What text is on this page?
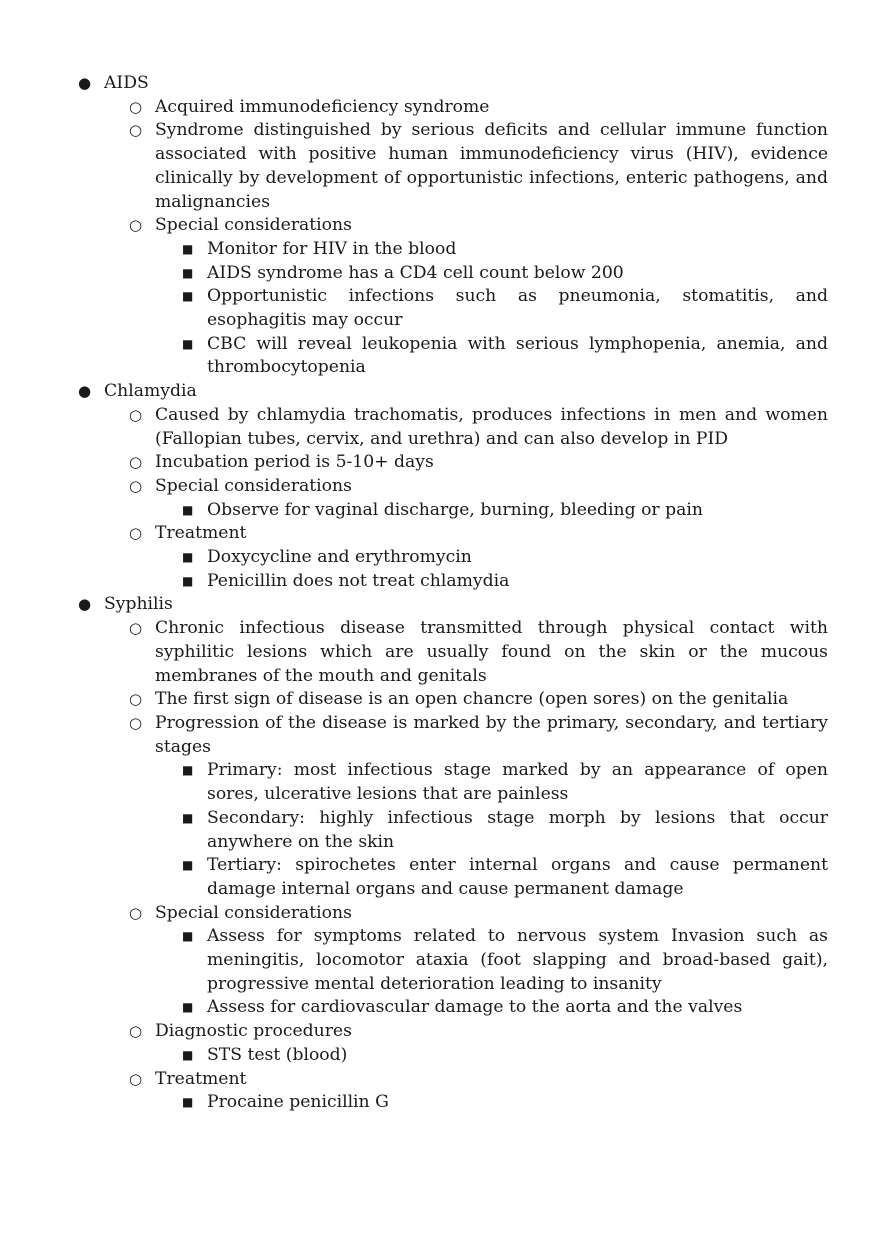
● AIDS
○ Acquired immunodeficiency syndrome
○ Syndrome distinguished by serious deficits and cellular immune function associated with positive human immunodeficiency virus (HIV), evidence clinically by development of opportunistic infections, enteric pathogens, and malignancies
○ Special considerations
■ Monitor for HIV in the blood
■ AIDS syndrome has a CD4 cell count below 200
■ Opportunistic infections such as pneumonia, stomatitis, and esophagitis may occur
■ CBC will reveal leukopenia with serious lymphopenia, anemia, and thrombocytopenia
● Chlamydia
○ Caused by chlamydia trachomatis, produces infections in men and women (Fallopian tubes, cervix, and urethra) and can also develop in PID
○ Incubation period is 5-10+ days
○ Special considerations
■ Observe for vaginal discharge, burning, bleeding or pain
○ Treatment
■ Doxycycline and erythromycin
■ Penicillin does not treat chlamydia
● Syphilis
○ Chronic infectious disease transmitted through physical contact with syphilitic lesions which are usually found on the skin or the mucous membranes of the mouth and genitals
○ The first sign of disease is an open chancre (open sores) on the genitalia
○ Progression of the disease is marked by the primary, secondary, and tertiary stages
■ Primary: most infectious stage marked by an appearance of open sores, ulcerative lesions that are painless
■ Secondary: highly infectious stage morph by lesions that occur anywhere on the skin
■ Tertiary: spirochetes enter internal organs and cause permanent damage internal organs and cause permanent damage
○ Special considerations
■ Assess for symptoms related to nervous system Invasion such as meningitis, locomotor ataxia (foot slapping and broad-based gait), progressive mental deterioration leading to insanity
■ Assess for cardiovascular damage to the aorta and the valves
○ Diagnostic procedures
■ STS test (blood)
○ Treatment
■ Procaine penicillin G
